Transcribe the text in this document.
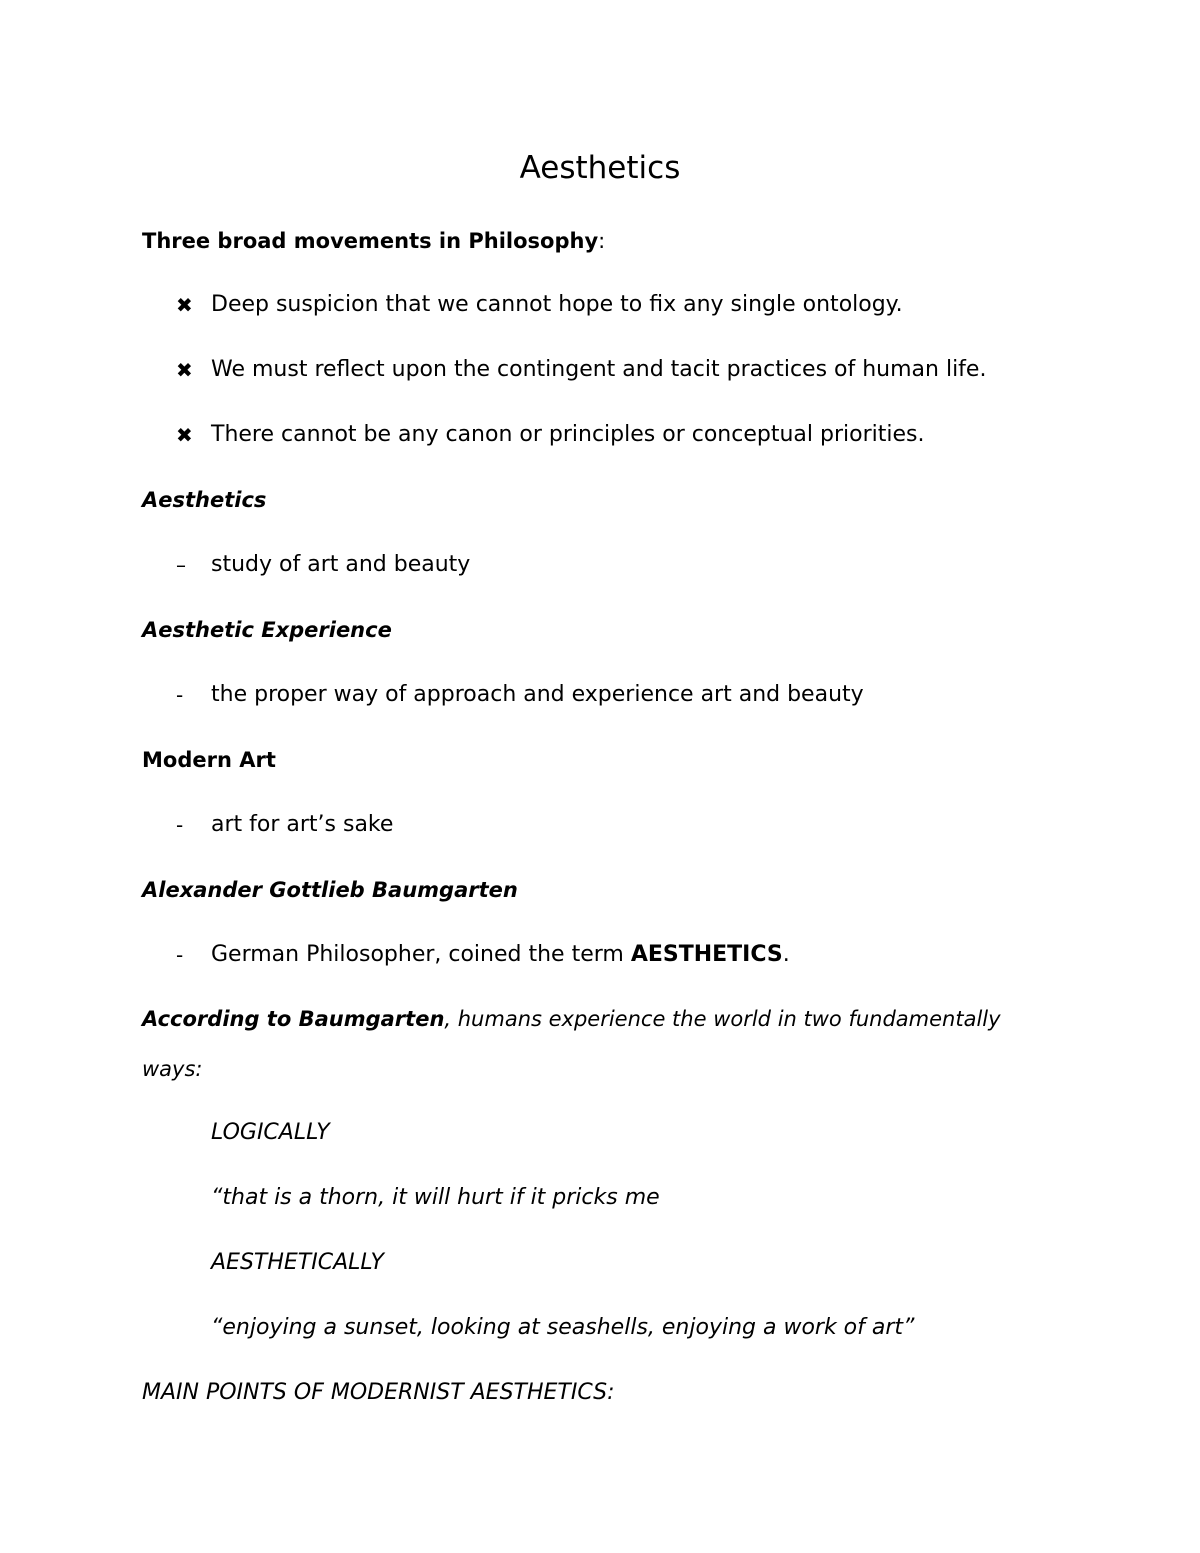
Aesthetics
Three broad movements in Philosophy:
✖ Deep suspicion that we cannot hope to fix any single ontology.
✖ We must reflect upon the contingent and tacit practices of human life.
✖ There cannot be any canon or principles or conceptual priorities.
Aesthetics
– study of art and beauty
Aesthetic Experience
- the proper way of approach and experience art and beauty
Modern Art
- art for art’s sake
Alexander Gottlieb Baumgarten
- German Philosopher, coined the term AESTHETICS.
According to Baumgarten, humans experience the world in two fundamentally
ways:
LOGICALLY
“that is a thorn, it will hurt if it pricks me
AESTHETICALLY
“enjoying a sunset, looking at seashells, enjoying a work of art”
MAIN POINTS OF MODERNIST AESTHETICS:
